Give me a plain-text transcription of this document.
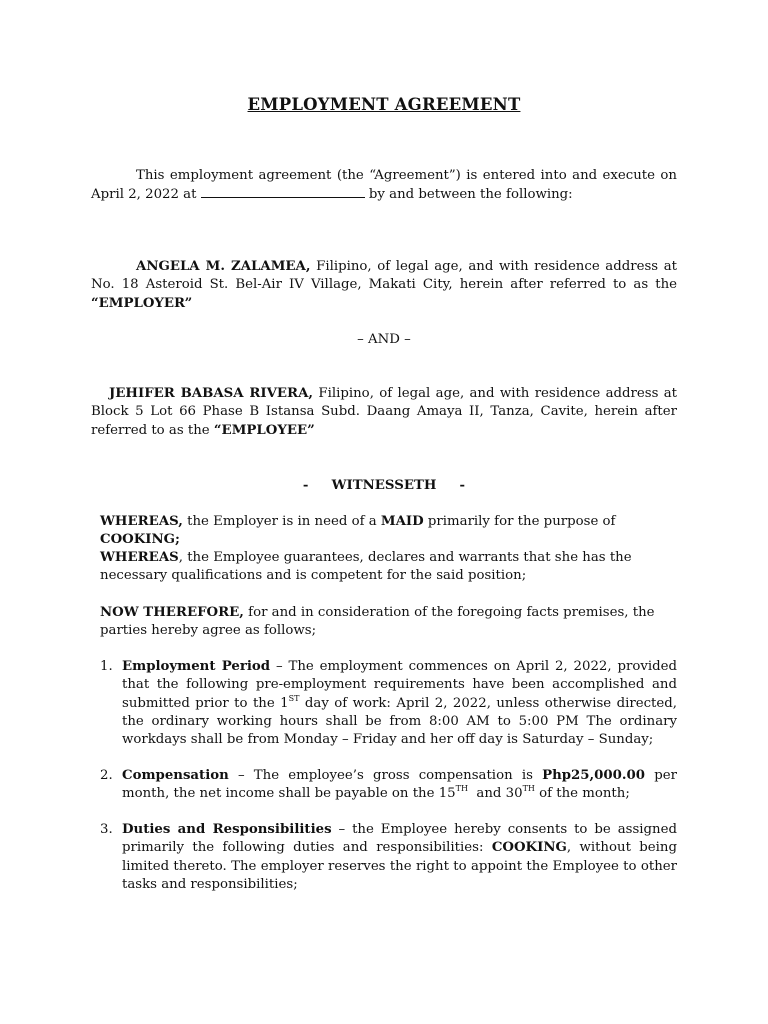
EMPLOYMENT AGREEMENT
This employment agreement (the “Agreement”) is entered into and execute on April 2, 2022 at	by and between the following:
ANGELA M. ZALAMEA, Filipino, of legal age, and with residence address at No. 18 Asteroid St. Bel-Air IV Village, Makati City, herein after referred to as the “EMPLOYER”
– AND –
JEHIFER BABASA RIVERA, Filipino, of legal age, and with residence address at Block 5 Lot 66 Phase B Istansa Subd. Daang Amaya II, Tanza, Cavite, herein after referred to as the “EMPLOYEE”
-     WITNESSETH     -
WHEREAS, the Employer is in need of a MAID primarily for the purpose of COOKING;
WHEREAS, the Employee guarantees, declares and warrants that she has the necessary qualifications and is competent for the said position;
NOW THEREFORE, for and in consideration of the foregoing facts premises, the parties hereby agree as follows;
1. Employment Period – The employment commences on April 2, 2022, provided that the following pre-employment requirements have been accomplished and submitted prior to the 1ST day of work: April 2, 2022, unless otherwise directed, the ordinary working hours shall be from 8:00 AM to 5:00 PM The ordinary workdays shall be from Monday – Friday and her off day is Saturday – Sunday;
2. Compensation – The employee’s gross compensation is Php25,000.00 per month, the net income shall be payable on the 15TH  and 30TH of the month;
3. Duties and Responsibilities – the Employee hereby consents to be assigned primarily the following duties and responsibilities: COOKING, without being limited thereto. The employer reserves the right to appoint the Employee to other tasks and responsibilities;
